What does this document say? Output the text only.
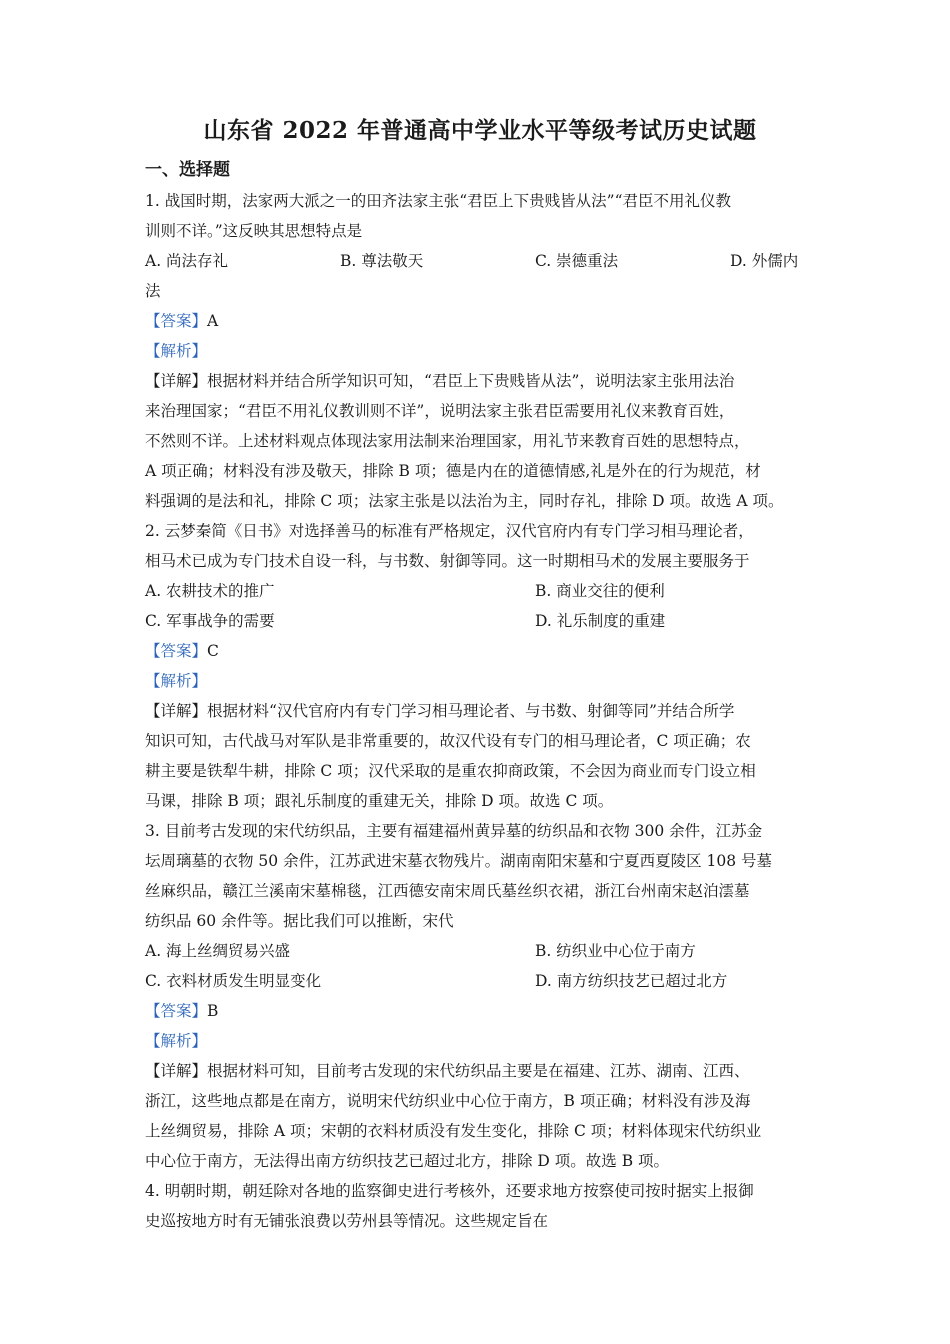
山东省 2022 年普通高中学业水平等级考试历史试题
一、选择题
1. 战国时期，法家两大派之一的田齐法家主张“君臣上下贵贱皆从法”“君臣不用礼仪教
训则不详。”这反映其思想特点是
A. 尚法存礼	B. 尊法敬天	C. 崇德重法	D. 外儒内
法
【答案】A
【解析】
【详解】根据材料并结合所学知识可知，“君臣上下贵贱皆从法”，说明法家主张用法治
来治理国家；“君臣不用礼仪教训则不详”，说明法家主张君臣需要用礼仪来教育百姓，
不然则不详。上述材料观点体现法家用法制来治理国家，用礼节来教育百姓的思想特点，
A 项正确；材料没有涉及敬天，排除 B 项；德是内在的道德情感,礼是外在的行为规范，材
料强调的是法和礼，排除 C 项；法家主张是以法治为主，同时存礼，排除 D 项。故选 A 项。
2. 云梦秦简《日书》对选择善马的标准有严格规定，汉代官府内有专门学习相马理论者，
相马术已成为专门技术自设一科，与书数、射御等同。这一时期相马术的发展主要服务于
A. 农耕技术的推广	B. 商业交往的便利
C. 军事战争的需要	D. 礼乐制度的重建
【答案】C
【解析】
【详解】根据材料“汉代官府内有专门学习相马理论者、与书数、射御等同”并结合所学
知识可知，古代战马对军队是非常重要的，故汉代设有专门的相马理论者，C 项正确；农
耕主要是铁犁牛耕，排除 C 项；汉代采取的是重农抑商政策，不会因为商业而专门设立相
马课，排除 B 项；跟礼乐制度的重建无关，排除 D 项。故选 C 项。
3. 目前考古发现的宋代纺织品，主要有福建福州黄异墓的纺织品和衣物 300 余件，江苏金
坛周璃墓的衣物 50 余件，江苏武进宋墓衣物残片。湖南南阳宋墓和宁夏西夏陵区 108 号墓
丝麻织品，赣江兰溪南宋墓棉毯，江西德安南宋周氏墓丝织衣裙，浙江台州南宋赵泊澐墓
纺织品 60 余件等。据比我们可以推断，宋代
A. 海上丝绸贸易兴盛	B. 纺织业中心位于南方
C. 衣料材质发生明显变化	D. 南方纺织技艺已超过北方
【答案】B
【解析】
【详解】根据材料可知，目前考古发现的宋代纺织品主要是在福建、江苏、湖南、江西、
浙江，这些地点都是在南方，说明宋代纺织业中心位于南方，B 项正确；材料没有涉及海
上丝绸贸易，排除 A 项；宋朝的衣料材质没有发生变化，排除 C 项；材料体现宋代纺织业
中心位于南方，无法得出南方纺织技艺已超过北方，排除 D 项。故选 B 项。
4. 明朝时期，朝廷除对各地的监察御史进行考核外，还要求地方按察使司按时据实上报御
史巡按地方时有无铺张浪费以劳州县等情况。这些规定旨在
